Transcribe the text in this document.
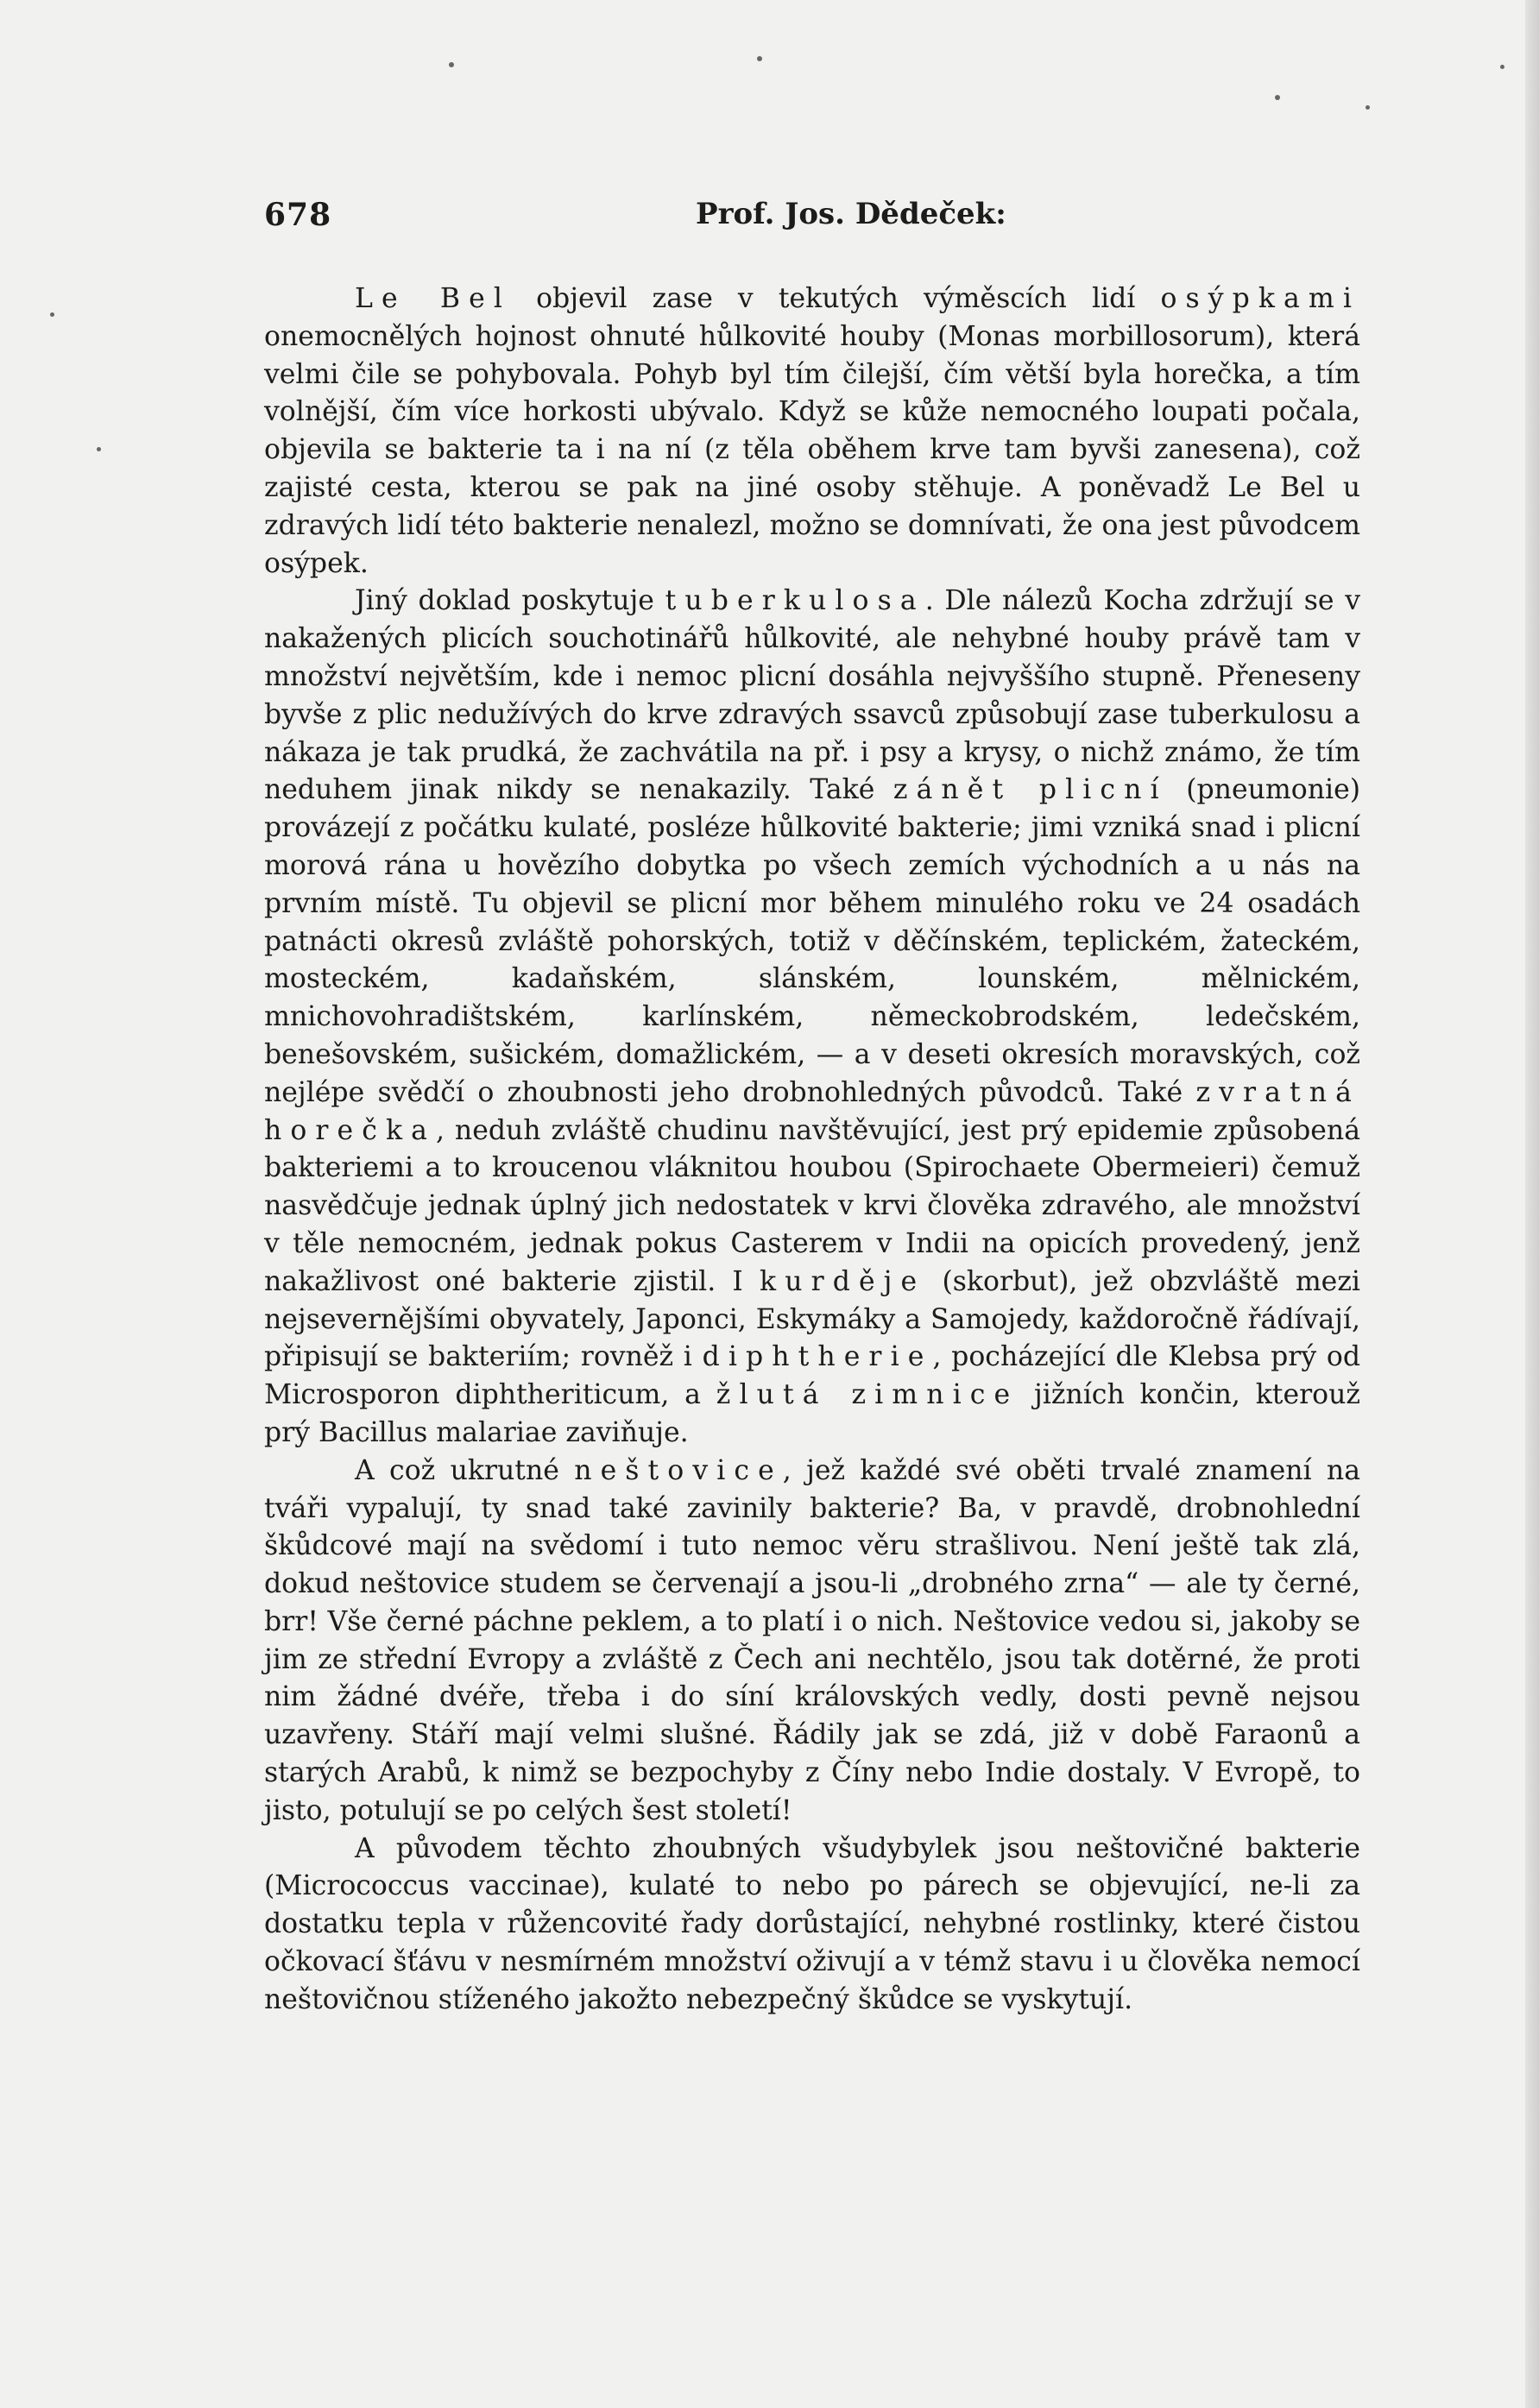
678	Prof. Jos. Dědeček:

Le Bel objevil zase v tekutých výměscích lidí osýpkami onemocnělých hojnost ohnuté hůlkovité houby (Monas morbillosorum), která velmi čile se pohybovala. Pohyb byl tím čilejší, čím větší byla horečka, a tím volnější, čím více horkosti ubývalo. Když se kůže nemocného loupati počala, objevila se bakterie ta i na ní (z těla oběhem krve tam byvši zanesena), což zajisté cesta, kterou se pak na jiné osoby stěhuje. A poněvadž Le Bel u zdravých lidí této bakterie nenalezl, možno se domnívati, že ona jest původcem osýpek.

Jiný doklad poskytuje tuberkulosa. Dle nálezů Kocha zdržují se v nakažených plicích souchotinářů hůlkovité, ale nehybné houby právě tam v množství největším, kde i nemoc plicní dosáhla nejvyššího stupně. Přeneseny byvše z plic nedužívých do krve zdravých ssavců způsobují zase tuberkulosu a nákaza je tak prudká, že zachvátila na př. i psy a krysy, o nichž známo, že tím neduhem jinak nikdy se nenakazily. Také zánět plicní (pneumonie) provázejí z počátku kulaté, posléze hůlkovité bakterie; jimi vzniká snad i plicní morová rána u hovězího dobytka po všech zemích východních a u nás na prvním místě. Tu objevil se plicní mor během minulého roku ve 24 osadách patnácti okresů zvláště pohorských, totiž v děčínském, teplickém, žateckém, mosteckém, kadaňském, slánském, lounském, mělnickém, mnichovohradištském, karlínském, německobrodském, ledečském, benešovském, sušickém, domažlickém, — a v deseti okresích moravských, což nejlépe svědčí o zhoubnosti jeho drobnohledných původců. Také zvratná horečka, neduh zvláště chudinu navštěvující, jest prý epidemie způsobená bakteriemi a to kroucenou vláknitou houbou (Spirochaete Obermeieri) čemuž nasvědčuje jednak úplný jich nedostatek v krvi člověka zdravého, ale množství v těle nemocném, jednak pokus Casterem v Indii na opicích provedený, jenž nakažlivost oné bakterie zjistil. I kurděje (skorbut), jež obzvláště mezi nejsevernějšími obyvately, Japonci, Eskymáky a Samojedy, každoročně řádívají, připisují se bakteriím; rovněž i diphtherie, pocházející dle Klebsa prý od Microsporon diphtheriticum, a žlutá zimnice jižních končin, kterouž prý Bacillus malariae zaviňuje.

A což ukrutné neštovice, jež každé své oběti trvalé znamení na tváři vypalují, ty snad také zavinily bakterie? Ba, v pravdě, drobnohlední škůdcové mají na svědomí i tuto nemoc věru strašlivou. Není ještě tak zlá, dokud neštovice studem se červenají a jsou-li „drobného zrna“ — ale ty černé, brr! Vše černé páchne peklem, a to platí i o nich. Neštovice vedou si, jakoby se jim ze střední Evropy a zvláště z Čech ani nechtělo, jsou tak dotěrné, že proti nim žádné dvéře, třeba i do síní královských vedly, dosti pevně nejsou uzavřeny. Stáří mají velmi slušné. Řádily jak se zdá, již v době Faraonů a starých Arabů, k nimž se bezpochyby z Číny nebo Indie dostaly. V Evropě, to jisto, potulují se po celých šest století!

A původem těchto zhoubných všudybylek jsou neštovičné bakterie (Micrococcus vaccinae), kulaté to nebo po párech se objevující, ne-li za dostatku tepla v růžencovité řady dorůstající, nehybné rostlinky, které čistou očkovací šťávu v nesmírném množství oživují a v témž stavu i u člověka nemocí neštovičnou stíženého jakožto nebezpečný škůdce se vyskytují.
